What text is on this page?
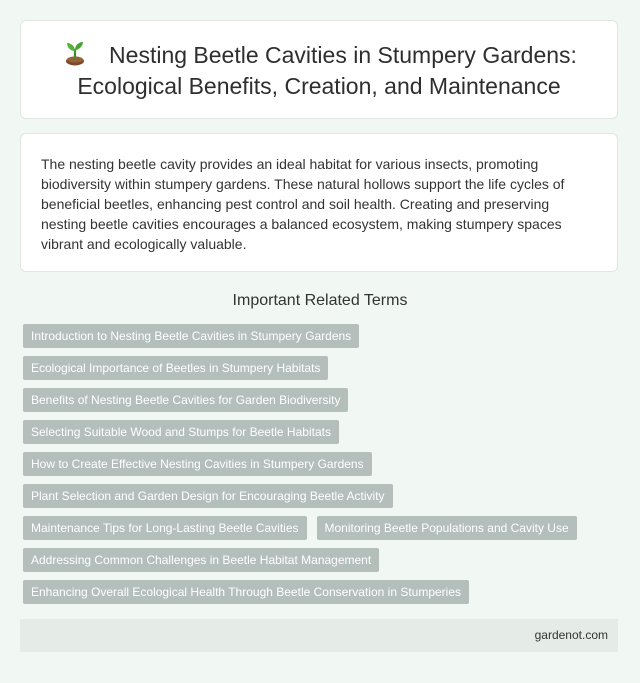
Nesting Beetle Cavities in Stumpery Gardens: Ecological Benefits, Creation, and Maintenance

The nesting beetle cavity provides an ideal habitat for various insects, promoting biodiversity within stumpery gardens. These natural hollows support the life cycles of beneficial beetles, enhancing pest control and soil health. Creating and preserving nesting beetle cavities encourages a balanced ecosystem, making stumpery spaces vibrant and ecologically valuable.

Important Related Terms
Introduction to Nesting Beetle Cavities in Stumpery Gardens
Ecological Importance of Beetles in Stumpery Habitats
Benefits of Nesting Beetle Cavities for Garden Biodiversity
Selecting Suitable Wood and Stumps for Beetle Habitats
How to Create Effective Nesting Cavities in Stumpery Gardens
Plant Selection and Garden Design for Encouraging Beetle Activity
Maintenance Tips for Long-Lasting Beetle Cavities	Monitoring Beetle Populations and Cavity Use
Addressing Common Challenges in Beetle Habitat Management
Enhancing Overall Ecological Health Through Beetle Conservation in Stumperies
gardenot.com
